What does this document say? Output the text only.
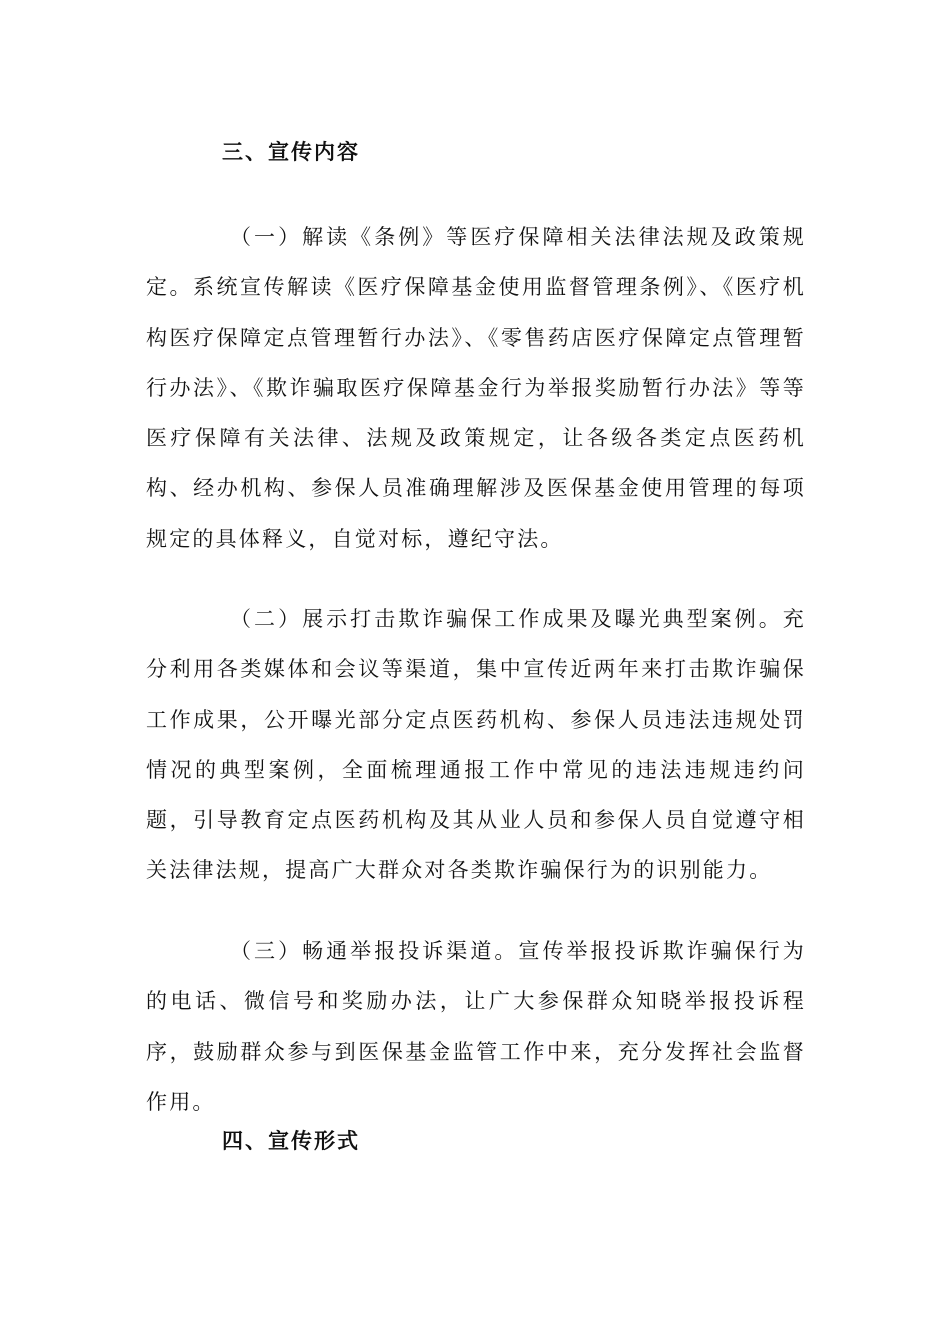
三、宣传内容

（一）解读《条例》等医疗保障相关法律法规及政策规定。系统宣传解读《医疗保障基金使用监督管理条例》、《医疗机构医疗保障定点管理暂行办法》、《零售药店医疗保障定点管理暂行办法》、《欺诈骗取医疗保障基金行为举报奖励暂行办法》等等医疗保障有关法律、法规及政策规定，让各级各类定点医药机构、经办机构、参保人员准确理解涉及医保基金使用管理的每项规定的具体释义，自觉对标，遵纪守法。

（二）展示打击欺诈骗保工作成果及曝光典型案例。充分利用各类媒体和会议等渠道，集中宣传近两年来打击欺诈骗保工作成果，公开曝光部分定点医药机构、参保人员违法违规处罚情况的典型案例，全面梳理通报工作中常见的违法违规违约问题，引导教育定点医药机构及其从业人员和参保人员自觉遵守相关法律法规，提高广大群众对各类欺诈骗保行为的识别能力。

（三）畅通举报投诉渠道。宣传举报投诉欺诈骗保行为的电话、微信号和奖励办法，让广大参保群众知晓举报投诉程序，鼓励群众参与到医保基金监管工作中来，充分发挥社会监督作用。

四、宣传形式
